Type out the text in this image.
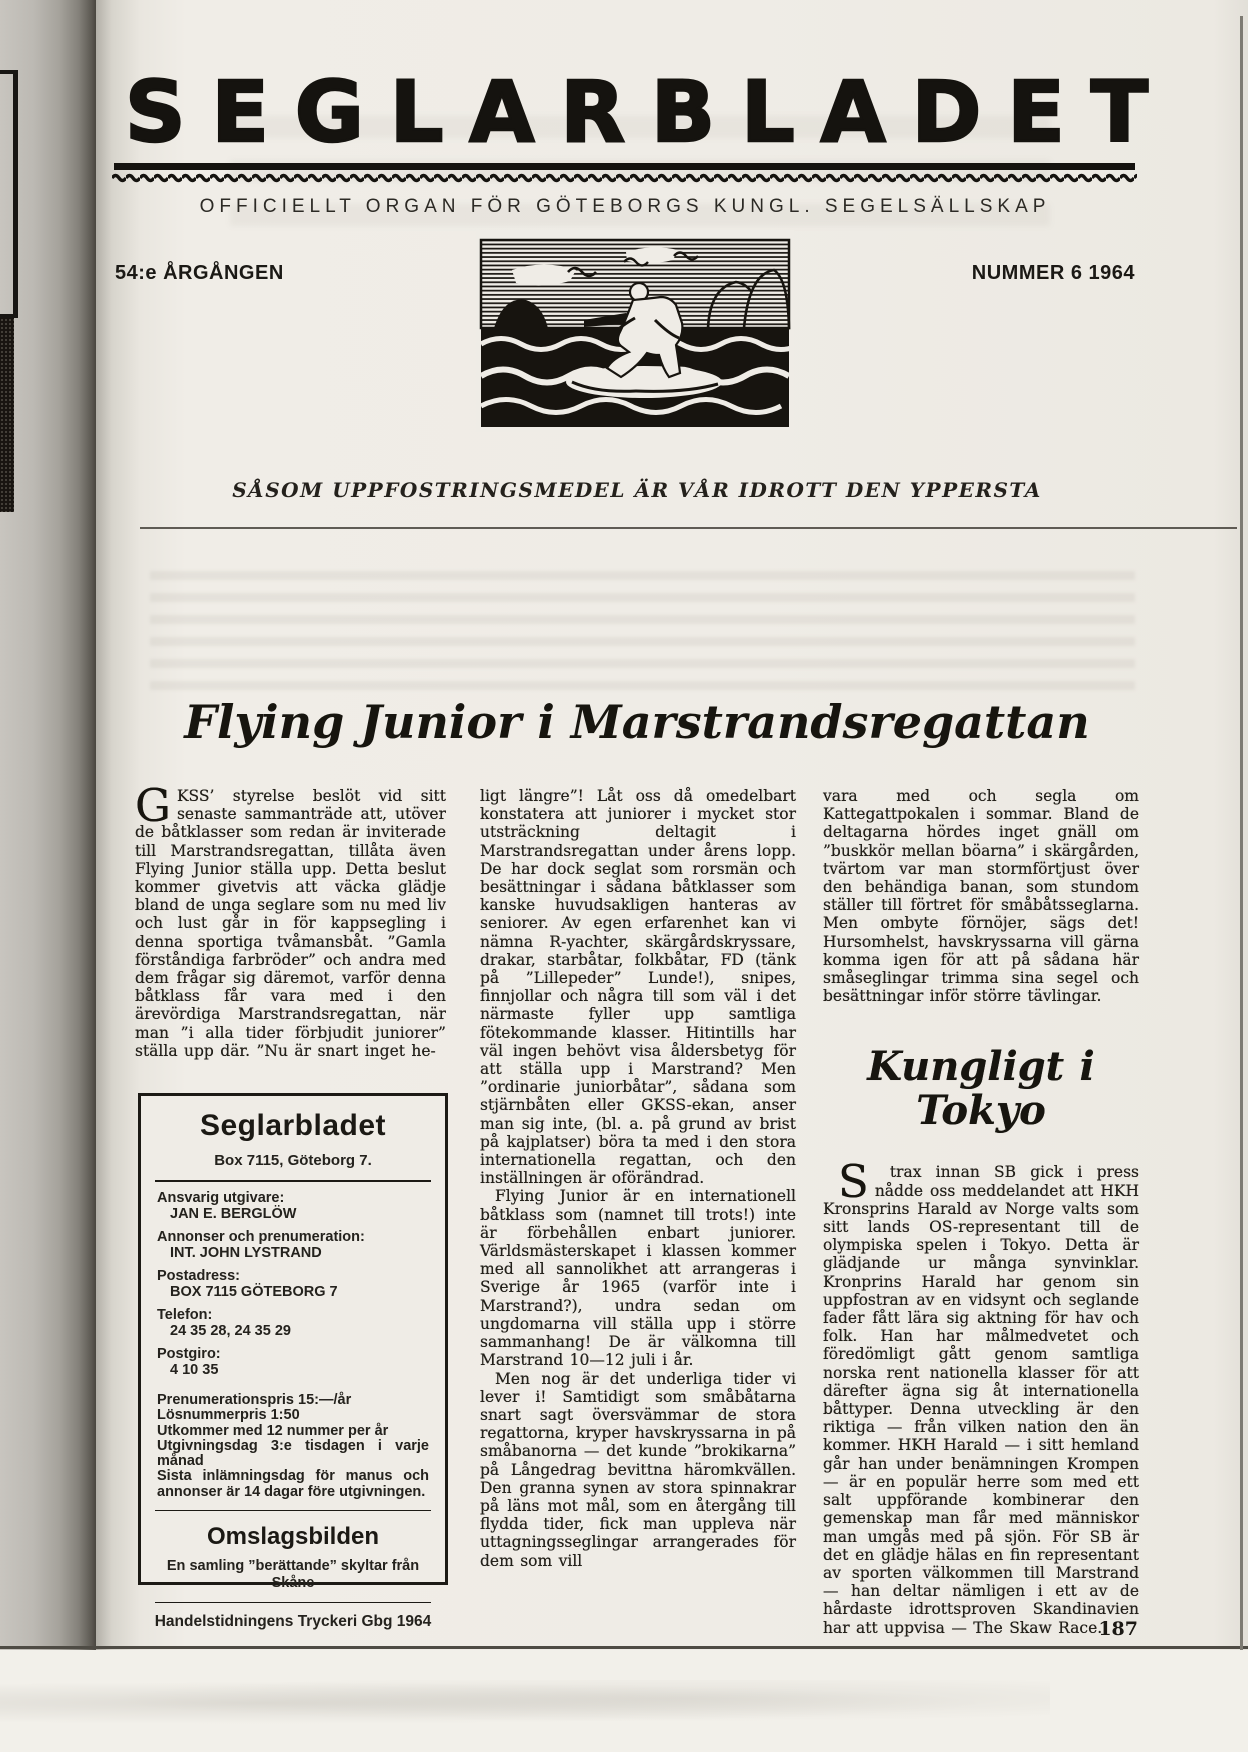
SEGLARBLADET
OFFICIELLT ORGAN FÖR GÖTEBORGS KUNGL. SEGELSÄLLSKAP
54:e ÅRGÅNGEN	NUMMER 6 1964
SÅSOM UPPFOSTRINGSMEDEL ÄR VÅR IDROTT DEN YPPERSTA
Flying Junior i Marstrandsregattan

GKSS’ styrelse beslöt vid sitt senaste sammanträde att, utöver de båtklasser som redan är inviterade till Marstrandsregattan, tillåta även Flying Junior ställa upp. Detta beslut kommer givetvis att väcka glädje bland de unga seglare som nu med liv och lust går in för kappsegling i denna sportiga tvåmansbåt. ”Gamla förståndiga farbröder” och andra med dem frågar sig däremot, varför denna båtklass får vara med i den ärevördiga Marstrandsregattan, när man ”i alla tider förbjudit juniorer” ställa upp där. ”Nu är snart inget he-

ligt längre”! Låt oss då omedelbart konstatera att juniorer i mycket stor utsträckning deltagit i Marstrandsregattan under årens lopp. De har dock seglat som rorsmän och besättningar i sådana båtklasser som kanske huvudsakligen hanteras av seniorer. Av egen erfarenhet kan vi nämna R-yachter, skärgårdskryssare, drakar, starbåtar, folkbåtar, FD (tänk på ”Lillepeder” Lunde!), snipes, finnjollar och några till som väl i det närmaste fyller upp samtliga fötekommande klasser. Hitintills har väl ingen behövt visa åldersbetyg för att ställa upp i Marstrand? Men ”ordinarie juniorbåtar”, sådana som stjärnbåten eller GKSS-ekan, anser man sig inte, (bl. a. på grund av brist på kajplatser) böra ta med i den stora internationella regattan, och den inställningen är oförändrad.

Flying Junior är en internationell båtklass som (namnet till trots!) inte är förbehållen enbart juniorer. Världsmästerskapet i klassen kommer med all sannolikhet att arrangeras i Sverige år 1965 (varför inte i Marstrand?), undra sedan om ungdomarna vill ställa upp i större sammanhang! De är välkomna till Marstrand 10—12 juli i år.

Men nog är det underliga tider vi lever i! Samtidigt som småbåtarna snart sagt översvämmar de stora regattorna, kryper havskryssarna in på småbanorna — det kunde ”brokikarna” på Långedrag bevittna häromkvällen. Den granna synen av stora spinnakrar på läns mot mål, som en återgång till flydda tider, fick man uppleva när uttagningsseglingar arrangerades för dem som vill

vara med och segla om Kattegattpokalen i sommar. Bland de deltagarna hördes inget gnäll om ”buskkör mellan böarna” i skärgården, tvärtom var man stormförtjust över den behändiga banan, som stundom ställer till förtret för småbåtsseglarna. Men ombyte förnöjer, sägs det! Hursomhelst, havskryssarna vill gärna komma igen för att på sådana här småseglingar trimma sina segel och besättningar inför större tävlingar.

Kungligt i Tokyo

S	trax innan SB gick i press nådde oss meddelandet att HKH Kronsprins Harald av Norge valts som sitt lands OS-representant till de olympiska spelen i Tokyo. Detta är glädjande ur många synvinklar. Kronprins Harald har genom sin uppfostran av en vidsynt och seglande fader fått lära sig aktning för hav och folk. Han har målmedvetet och föredömligt gått genom samtliga norska rent nationella klasser för att därefter ägna sig åt internationella båttyper. Denna utveckling är den riktiga — från vilken nation den än kommer. HKH Harald — i sitt hemland går han under benämningen Krompen — är en populär herre som med ett salt uppförande kombinerar den gemenskap man får med människor man umgås med på sjön. För SB är det en glädje hälas en fin representant av sporten välkommen till Marstrand — han deltar nämligen i ett av de hårdaste idrottsproven Skandinavien har att uppvisa — The Skaw Race.

Seglarbladet
Box 7115, Göteborg 7.
Ansvarig utgivare:
JAN E. BERGLÖW
Annonser och prenumeration:
INT. JOHN LYSTRAND
Postadress:
BOX 7115 GÖTEBORG 7
Telefon:
24 35 28, 24 35 29
Postgiro:
4 10 35
Prenumerationspris 15:—/år
Lösnummerpris 1:50
Utkommer med 12 nummer per år
Utgivningsdag 3:e tisdagen i varje månad
Sista inlämningsdag för manus och annonser är 14 dagar före utgivningen.
Omslagsbilden
En samling ”berättande” skyltar från Skåne
Handelstidningens Tryckeri Gbg 1964	187
